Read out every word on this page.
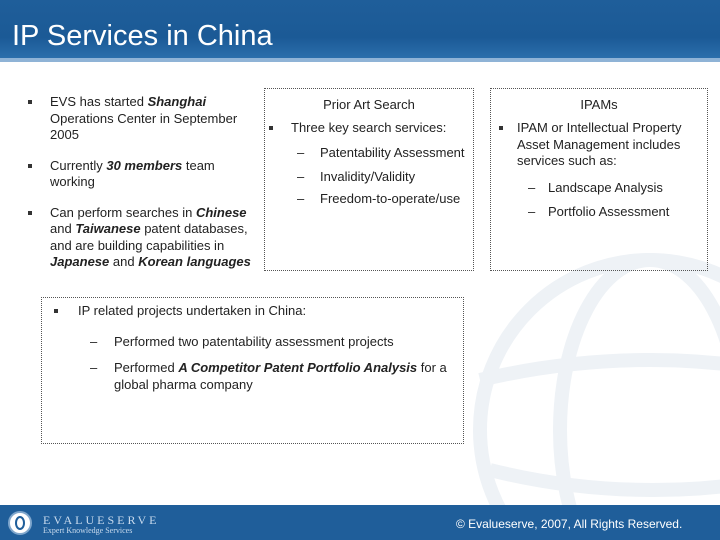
IP Services in China
EVS has started Shanghai Operations Center in September 2005
Currently 30 members team working
Can perform searches in Chinese and Taiwanese patent databases, and are building capabilities in Japanese and Korean languages
Prior Art Search
Three key search services:
– Patentability Assessment
– Invalidity/Validity
– Freedom-to-operate/use
IPAMs
IPAM or Intellectual Property Asset Management includes services such as:
– Landscape Analysis
– Portfolio Assessment
IP related projects undertaken in China:
– Performed two patentability assessment projects
– Performed A Competitor Patent Portfolio Analysis for a global pharma company
EVALUESERVE
Expert Knowledge Services	© Evalueserve, 2007, All Rights Reserved.
